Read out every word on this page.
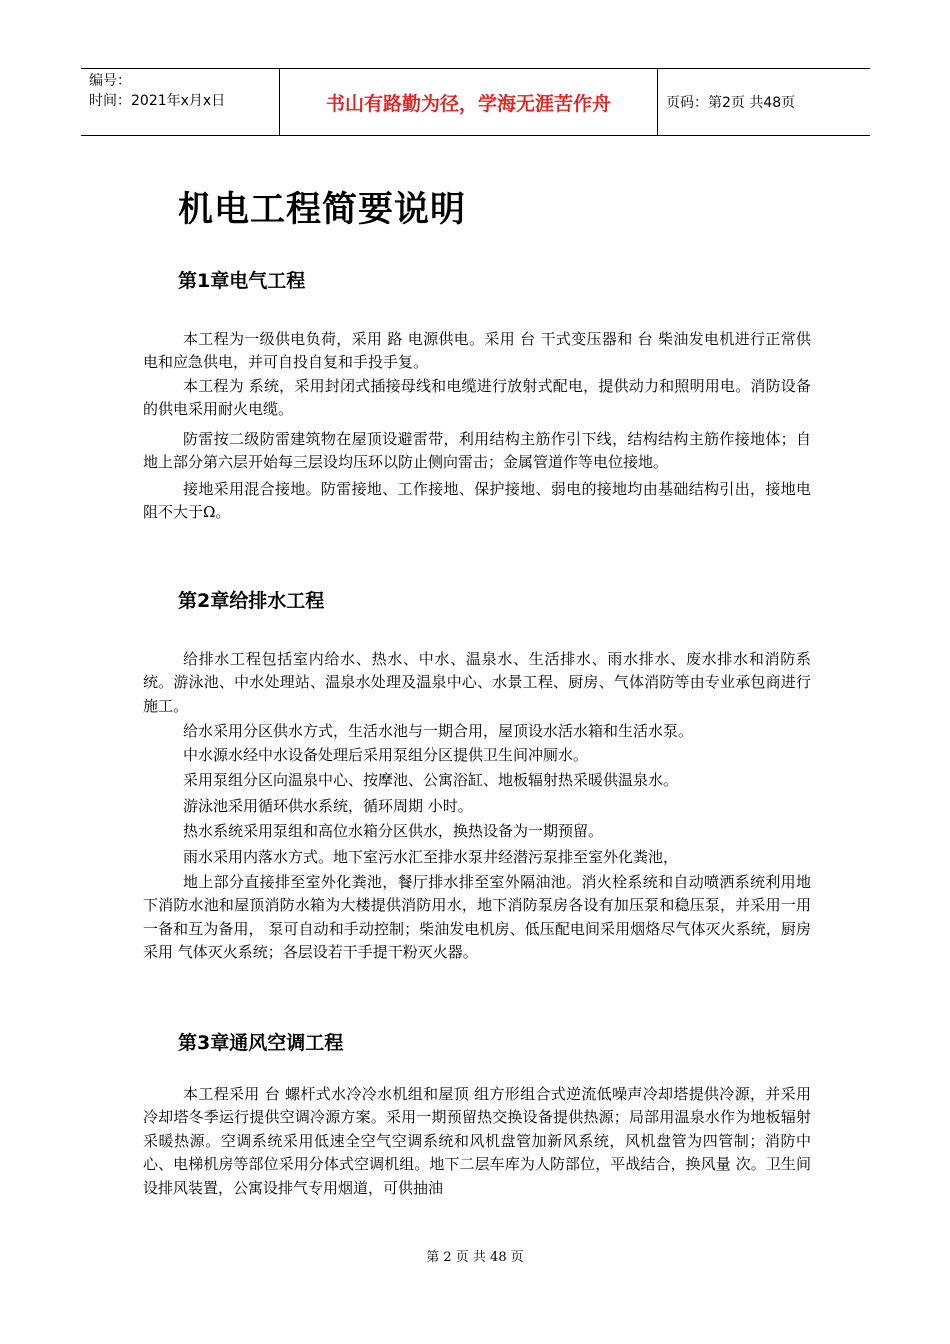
编号：
时间：2021年x月x日	书山有路勤为径，学海无涯苦作舟	页码：第2页 共48页
机电工程简要说明
第1章电气工程

本工程为一级供电负荷，采用 路 电源供电。采用 台 干式变压器和 台 柴油发电机进行正常供电和应急供电，并可自投自复和手投手复。

本工程为 系统，采用封闭式插接母线和电缆进行放射式配电，提供动力和照明用电。消防设备的供电采用耐火电缆。

防雷按二级防雷建筑物在屋顶设避雷带，利用结构主筋作引下线，结构结构主筋作接地体；自地上部分第六层开始每三层设均压环以防止侧向雷击；金属管道作等电位接地。

接地采用混合接地。防雷接地、工作接地、保护接地、弱电的接地均由基础结构引出，接地电阻不大于Ω。

第2章给排水工程

给排水工程包括室内给水、热水、中水、温泉水、生活排水、雨水排水、废水排水和消防系统。游泳池、中水处理站、温泉水处理及温泉中心、水景工程、厨房、气体消防等由专业承包商进行施工。

给水采用分区供水方式，生活水池与一期合用，屋顶设水活水箱和生活水泵。

中水源水经中水设备处理后采用泵组分区提供卫生间冲厕水。

采用泵组分区向温泉中心、按摩池、公寓浴缸、地板辐射热采暖供温泉水。

游泳池采用循环供水系统，循环周期 小时。

热水系统采用泵组和高位水箱分区供水，换热设备为一期预留。

雨水采用内落水方式。地下室污水汇至排水泵井经潜污泵排至室外化粪池，

地上部分直接排至室外化粪池，餐厅排水排至室外隔油池。消火栓系统和自动喷洒系统利用地下消防水池和屋顶消防水箱为大楼提供消防用水，地下消防泵房各设有加压泵和稳压泵，并采用一用一备和互为备用， 泵可自动和手动控制；柴油发电机房、低压配电间采用烟烙尽气体灭火系统，厨房采用 气体灭火系统；各层设若干手提干粉灭火器。

第3章通风空调工程

本工程采用 台 螺杆式水冷冷水机组和屋顶 组方形组合式逆流低噪声冷却塔提供冷源，并采用冷却塔冬季运行提供空调冷源方案。采用一期预留热交换设备提供热源；局部用温泉水作为地板辐射采暖热源。空调系统采用低速全空气空调系统和风机盘管加新风系统，风机盘管为四管制；消防中心、电梯机房等部位采用分体式空调机组。地下二层车库为人防部位，平战结合，换风量 次。卫生间设排风装置，公寓设排气专用烟道，可供抽油

第 2 页 共 48 页
